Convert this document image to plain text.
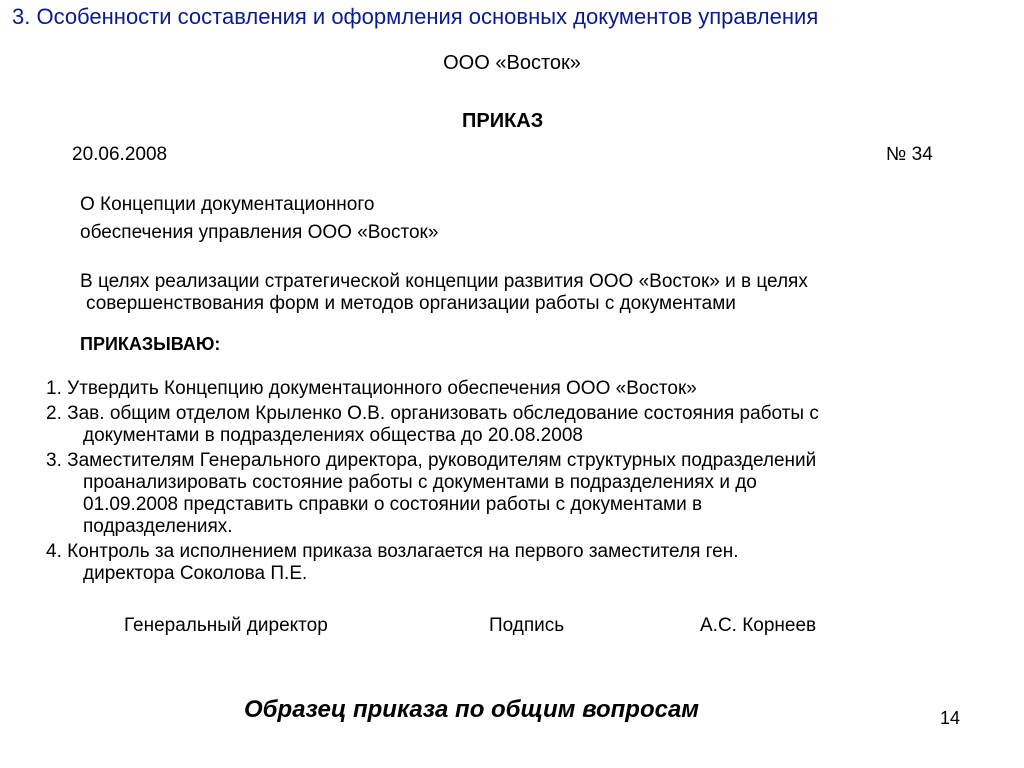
3. Особенности составления и оформления основных документов управления
ООО «Восток»
ПРИКАЗ
20.06.2008	№ 34
О Концепции документационного
обеспечения управления ООО «Восток»
В целях реализации стратегической концепции развития ООО «Восток» и в целях
совершенствования форм и методов организации работы с документами
ПРИКАЗЫВАЮ:
1. Утвердить Концепцию документационного обеспечения ООО «Восток»
2. Зав. общим отделом Крыленко О.В. организовать обследование состояния работы с
документами в подразделениях общества до 20.08.2008
3. Заместителям Генерального директора, руководителям структурных подразделений
проанализировать состояние работы с документами в подразделениях и до
01.09.2008 представить справки о состоянии работы с документами в
подразделениях.
4. Контроль за исполнением приказа возлагается на первого заместителя ген.
директора Соколова П.Е.
Генеральный директор	Подпись	А.С. Корнеев
Образец приказа по общим вопросам	14
